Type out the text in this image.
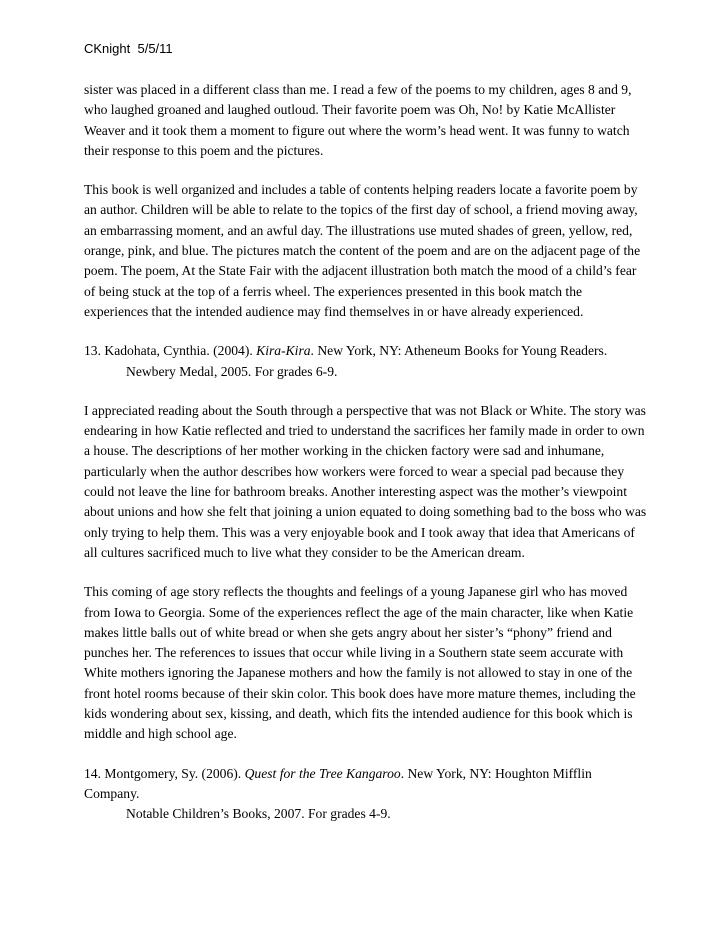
CKnight  5/5/11

sister was placed in a different class than me. I read a few of the poems to my children, ages 8 and 9, who laughed groaned and laughed outloud. Their favorite poem was Oh, No! by Katie McAllister Weaver and it took them a moment to figure out where the worm’s head went. It was funny to watch their response to this poem and the pictures.

This book is well organized and includes a table of contents helping readers locate a favorite poem by an author. Children will be able to relate to the topics of the first day of school, a friend moving away, an embarrassing moment, and an awful day. The illustrations use muted shades of green, yellow, red, orange, pink, and blue. The pictures match the content of the poem and are on the adjacent page of the poem. The poem, At the State Fair with the adjacent illustration both match the mood of a child’s fear of being stuck at the top of a ferris wheel. The experiences presented in this book match the experiences that the intended audience may find themselves in or have already experienced.

13. Kadohata, Cynthia. (2004). Kira-Kira. New York, NY: Atheneum Books for Young Readers.

Newbery Medal, 2005. For grades 6-9.

I appreciated reading about the South through a perspective that was not Black or White. The story was endearing in how Katie reflected and tried to understand the sacrifices her family made in order to own a house. The descriptions of her mother working in the chicken factory were sad and inhumane, particularly when the author describes how workers were forced to wear a special pad because they could not leave the line for bathroom breaks. Another interesting aspect was the mother’s viewpoint about unions and how she felt that joining a union equated to doing something bad to the boss who was only trying to help them. This was a very enjoyable book and I took away that idea that Americans of all cultures sacrificed much to live what they consider to be the American dream.

This coming of age story reflects the thoughts and feelings of a young Japanese girl who has moved from Iowa to Georgia. Some of the experiences reflect the age of the main character, like when Katie makes little balls out of white bread or when she gets angry about her sister’s “phony” friend and punches her. The references to issues that occur while living in a Southern state seem accurate with White mothers ignoring the Japanese mothers and how the family is not allowed to stay in one of the front hotel rooms because of their skin color. This book does have more mature themes, including the kids wondering about sex, kissing, and death, which fits the intended audience for this book which is middle and high school age.

14. Montgomery, Sy. (2006). Quest for the Tree Kangaroo. New York, NY: Houghton Mifflin Company.

Notable Children’s Books, 2007. For grades 4-9.
